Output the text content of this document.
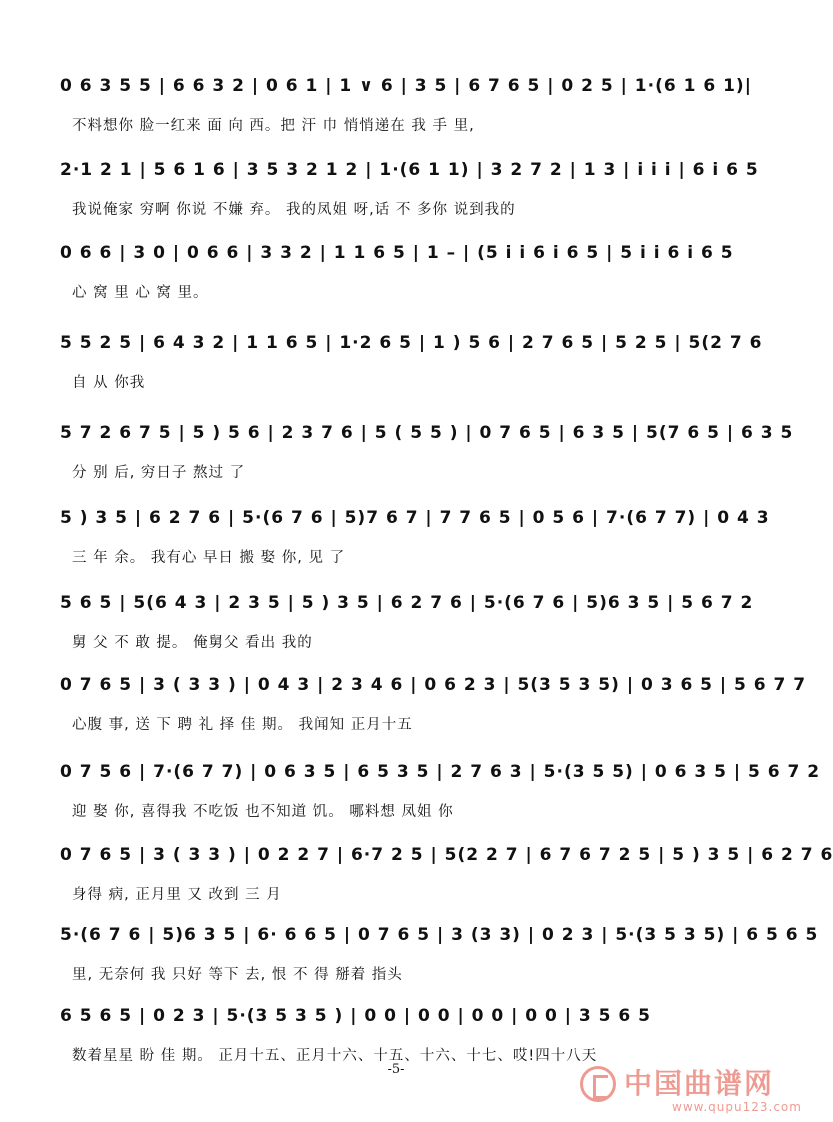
0 6 3 5 5 | 6 6 3 2 | 0 6 1 | 1 ∨ 6 | 3 5 | 6 7 6 5 | 0 2 5 | 1·(6 1 6 1)|
不料想你 脸一红来 面 向 西。把 汗 巾 悄悄递在 我 手 里,
2·1 2 1 | 5 6 1 6 | 3 5 3 2 1 2 | 1·(6 1 1) | 3 2 7 2 | 1 3 | i i i | 6 i 6 5
我说俺家 穷啊 你说 不嫌 弃。 我的凤姐 呀,话 不 多你 说到我的
0 6 6 | 3 0 | 0 6 6 | 3 3 2 | 1 1 6 5 | 1 – | (5 i i 6 i 6 5 | 5 i i 6 i 6 5
心 窝 里 心 窝 里。
5 5 2 5 | 6 4 3 2 | 1 1 6 5 | 1·2 6 5 | 1 ) 5 6 | 2 7 6 5 | 5 2 5 | 5(2 7 6
自 从 你我
5 7 2 6 7 5 | 5 ) 5 6 | 2 3 7 6 | 5 ( 5 5 ) | 0 7 6 5 | 6 3 5 | 5(7 6 5 | 6 3 5
分 别 后, 穷日子 熬过 了
5 ) 3 5 | 6 2 7 6 | 5·(6 7 6 | 5)7 6 7 | 7 7 6 5 | 0 5 6 | 7·(6 7 7) | 0 4 3
三 年 余。 我有心 早日 搬 娶 你, 见 了
5 6 5 | 5(6 4 3 | 2 3 5 | 5 ) 3 5 | 6 2 7 6 | 5·(6 7 6 | 5)6 3 5 | 5 6 7 2
舅 父 不 敢 提。 俺舅父 看出 我的
0 7 6 5 | 3 ( 3 3 ) | 0 4 3 | 2 3 4 6 | 0 6 2 3 | 5(3 5 3 5) | 0 3 6 5 | 5 6 7 7
心腹 事, 送 下 聘 礼 择 佳 期。 我闻知 正月十五
0 7 5 6 | 7·(6 7 7) | 0 6 3 5 | 6 5 3 5 | 2 7 6 3 | 5·(3 5 5) | 0 6 3 5 | 5 6 7 2
迎 娶 你, 喜得我 不吃饭 也不知道 饥。 哪料想 凤姐 你
0 7 6 5 | 3 ( 3 3 ) | 0 2 2 7 | 6·7 2 5 | 5(2 2 7 | 6 7 6 7 2 5 | 5 ) 3 5 | 6 2 7 6
身得 病, 正月里 又 改到 三 月
5·(6 7 6 | 5)6 3 5 | 6· 6 6 5 | 0 7 6 5 | 3 (3 3) | 0 2 3 | 5·(3 5 3 5) | 6 5 6 5
里, 无奈何 我 只好 等下 去, 恨 不 得 掰着 指头
6 5 6 5 | 0 2 3 | 5·(3 5 3 5 ) | 0 0 | 0 0 | 0 0 | 0 0 | 3 5 6 5
数着星星 盼 佳 期。 正月十五、正月十六、十五、十六、十七、哎!四十八天
-5-	中国曲谱网
www.qupu123.com
